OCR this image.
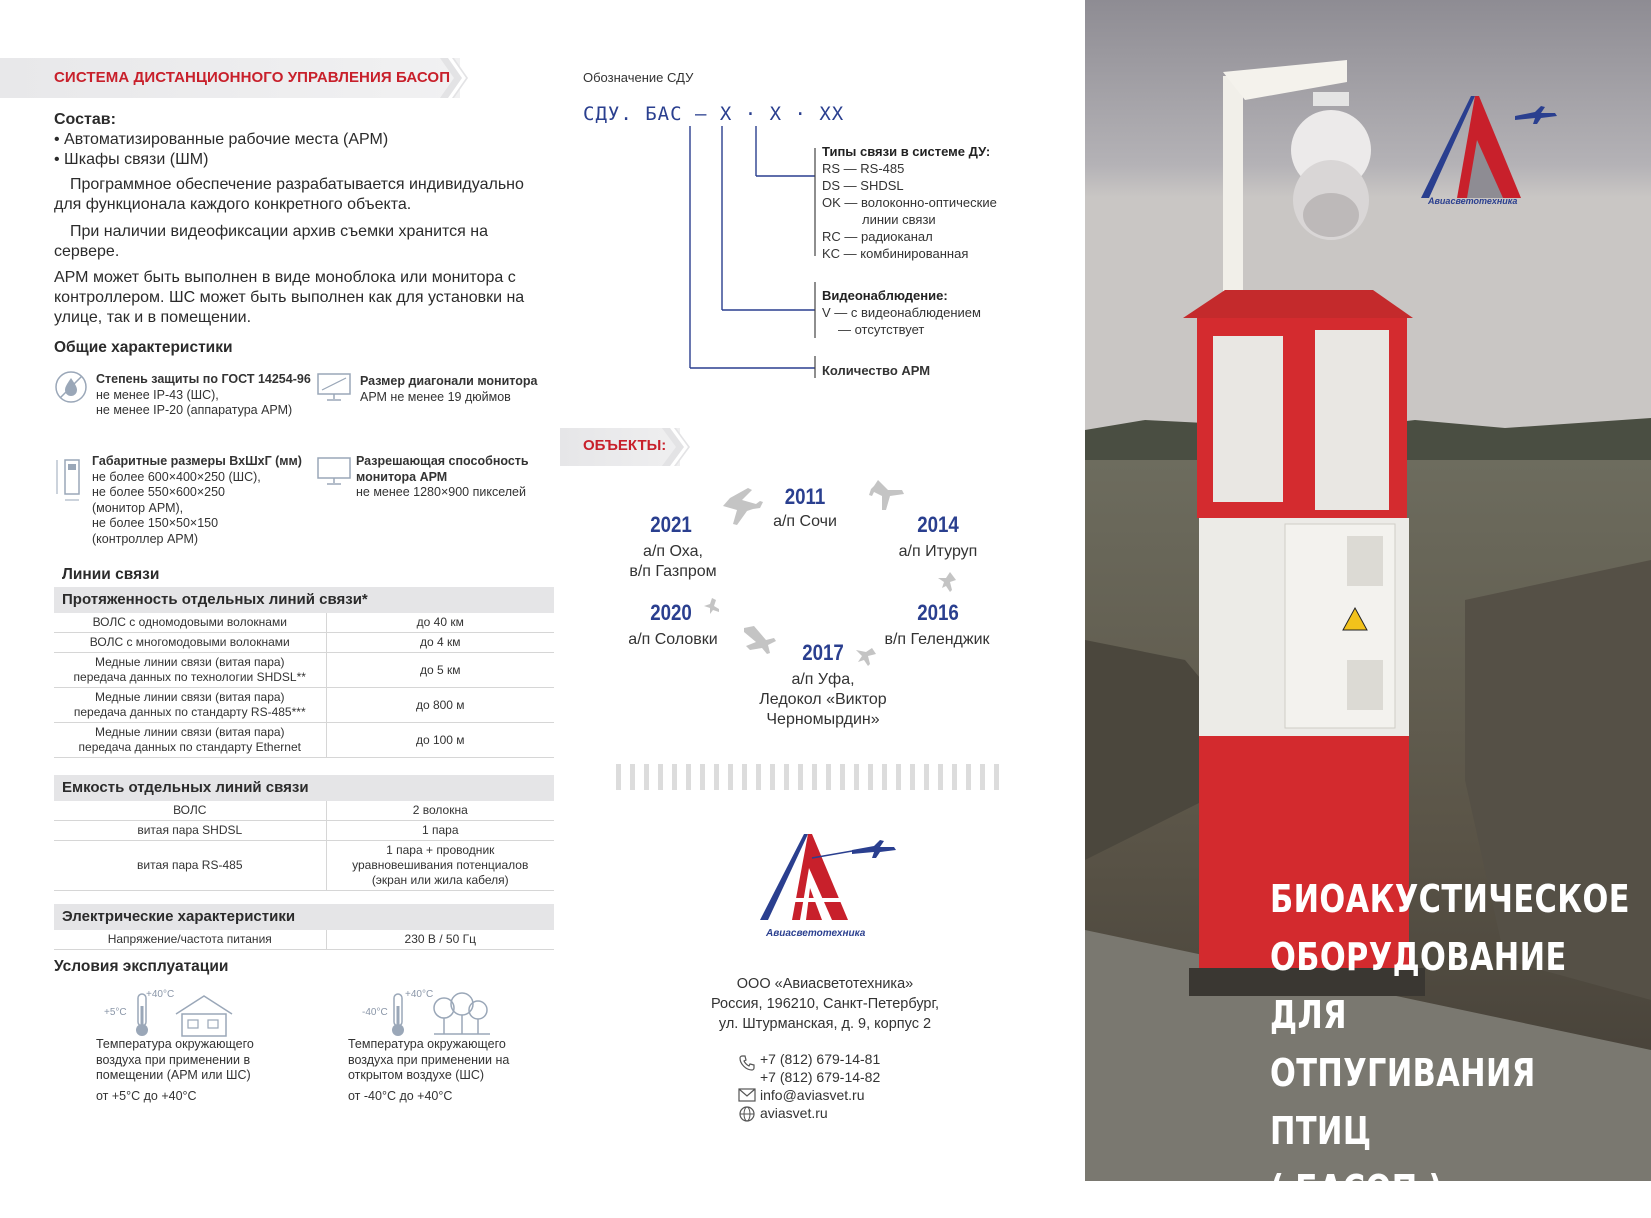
СИСТЕМА ДИСТАНЦИОННОГО УПРАВЛЕНИЯ БАСОП
Состав:
• Автоматизированные рабочие места (АРМ)
• Шкафы связи (ШМ)
Программное обеспечение разрабатывается индивидуально для функционала каждого конкретного объекта.
При наличии видеофиксации архив съемки хранится на сервере.
АРМ может быть выполнен в виде моноблока или монитора с контроллером. ШС может быть выполнен как для установки на улице, так и в помещении.
Общие характеристики
Степень защиты по ГОСТ 14254-96
не менее IP-43 (ШС),
не менее IP-20 (аппаратура АРМ)
Размер диагонали монитора
АРМ не менее 19 дюймов
Габаритные размеры ВхШхГ (мм)
не более 600×400×250 (ШС),
не более 550×600×250
(монитор АРМ),
не более 150×50×150
(контроллер АРМ)
Разрешающая способность монитора АРМ
не менее 1280×900 пикселей
Линии связи
Протяженность отдельных линий связи*
ВОЛС с одномодовыми волокнами	до 40 км
ВОЛС с многомодовыми волокнами	до 4 км
Медные линии связи (витая пара)
передача данных по технологии SHDSL**	до 5 км
Медные линии связи (витая пара)
передача данных по стандарту RS-485***	до 800 м
Медные линии связи (витая пара)
передача данных по стандарту Ethernet	до 100 м
Емкость отдельных линий связи
ВОЛС	2 волокна
витая пара SHDSL	1 пара
витая пара RS-485	1 пара + проводник
уравновешивания потенциалов
(экран или жила кабеля)
Электрические характеристики
Напряжение/частота питания	230 В / 50 Гц
Условия эксплуатации
+5°C
+40°C
Температура окружающего воздуха при применении в помещении (АРМ или ШС)
от +5°C до +40°C
-40°C
+40°C
Температура окружающего воздуха при применении на открытом воздухе (ШС)
от -40°C до +40°C
Обозначение СДУ
СДУ. БАС – Х · Х · ХХ
Типы связи в системе ДУ:
RS — RS-485
DS — SHDSL
OK — волоконно-оптические
линии связи
RC — радиоканал
KC — комбинированная
Видеонаблюдение:
V — с видеонаблюдением
— отсутствует
Количество АРМ
ОБЪЕКТЫ:
2011
а/п Сочи	2014
а/п Итуруп
2016
в/п Геленджик
2017
а/п Уфа,
Ледокол «Виктор
Черномырдин»
2020
а/п Соловки
2021
а/п Оха,
в/п Газпром
Авиасветотехника
ООО «Авиасветотехника»
Россия, 196210, Санкт-Петербург,
ул. Штурманская, д. 9, корпус 2
+7 (812) 679-14-81
+7 (812) 679-14-82
info@aviasvet.ru
aviasvet.ru
Авиасветотехника
БИОАКУСТИЧЕСКОЕ
ОБОРУДОВАНИЕ ДЛЯ
ОТПУГИВАНИЯ ПТИЦ
( БАСОП )
